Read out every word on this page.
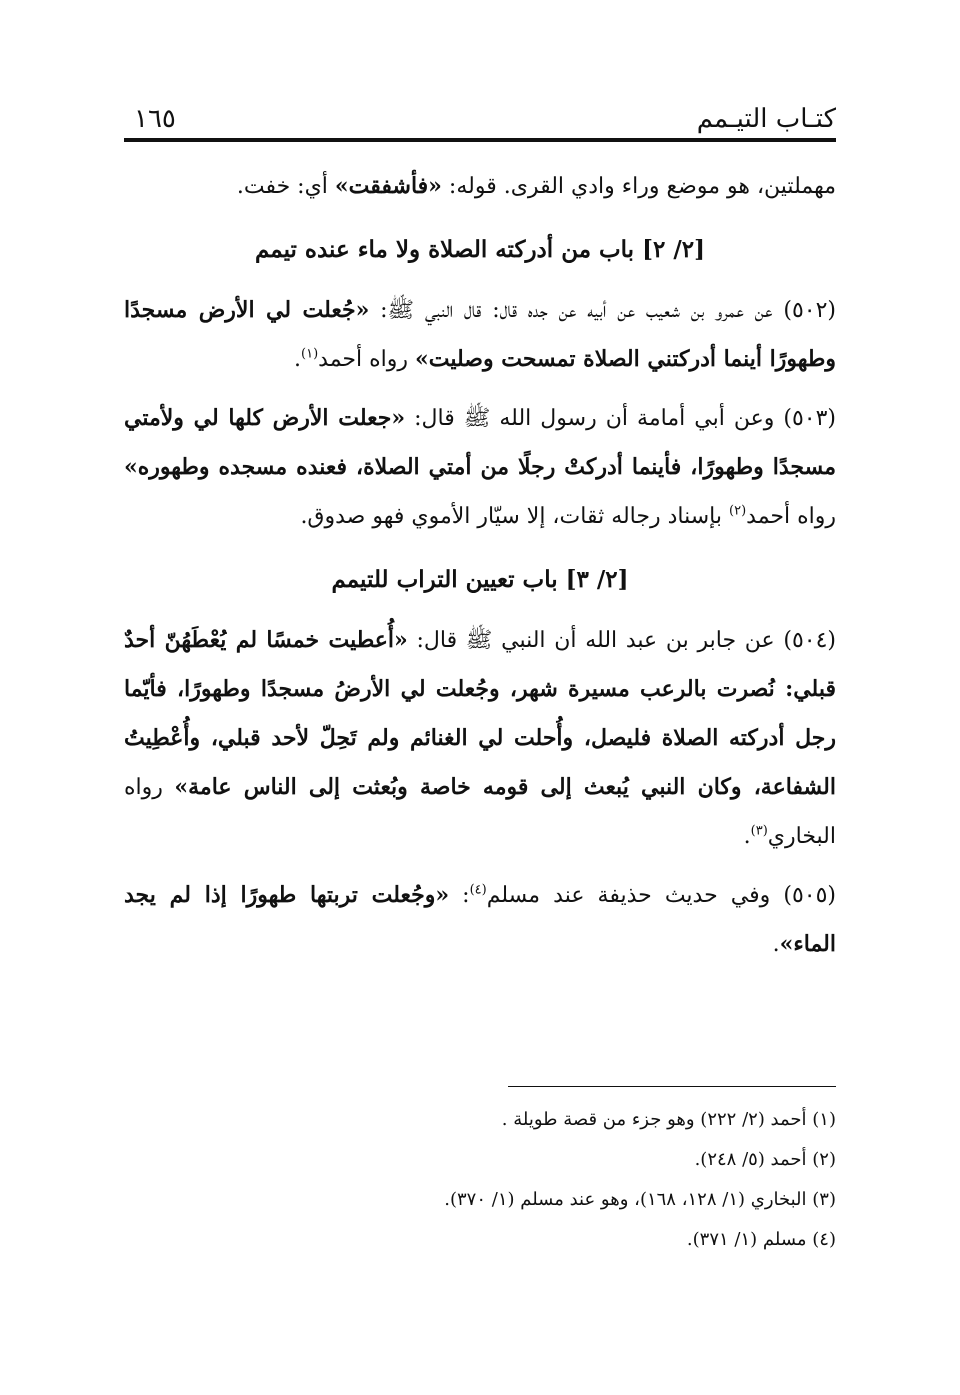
كتـاب التيـمم
١٦٥

مهملتين، هو موضع وراء وادي القرى. قوله: «فأشفقت» أي: خفت.

[٢/ ٢] باب من أدركته الصلاة ولا ماء عنده تيمم

(٥٠٢) عن عمرو بن شعيب عن أبيه عن جده قال: قال النبي ﷺ: «جُعلت لي الأرض مسجدًا وطهورًا أينما أدركتني الصلاة تمسحت وصليت» رواه أحمد$^{(١)}$.

(٥٠٣) وعن أبي أمامة أن رسول الله ﷺ قال: «جعلت الأرض كلها لي ولأمتي مسجدًا وطهورًا، فأينما أدركتْ رجلًا من أمتي الصلاة، فعنده مسجده وطهوره» رواه أحمد$^{(٢)}$ بإسناد رجاله ثقات، إلا سيّار الأموي فهو صدوق.

[٢/ ٣] باب تعيين التراب للتيمم

(٥٠٤) عن جابر بن عبد الله أن النبي ﷺ قال: «أُعطيت خمسًا لم يُعْطَهُنّ أحدٌ قبلي: نُصرت بالرعب مسيرة شهر، وجُعلت لي الأرضُ مسجدًا وطهورًا، فأيّما رجل أدركته الصلاة فليصل، وأُحلت لي الغنائم ولم تَحِلّ لأحد قبلي، وأُعْطِيتُ الشفاعة، وكان النبي يُبعث إلى قومه خاصة وبُعثت إلى الناس عامة» رواه البخاري$^{(٣)}$.

(٥٠٥) وفي حديث حذيفة عند مسلم$^{(٤)}$: «وجُعلت تربتها طهورًا إذا لم يجد الماء».

(١) أحمد (٢/ ٢٢٢) وهو جزء من قصة طويلة .

(٢) أحمد (٥/ ٢٤٨).

(٣) البخاري (١/ ١٢٨، ١٦٨)، وهو عند مسلم (١/ ٣٧٠).

(٤) مسلم (١/ ٣٧١).
